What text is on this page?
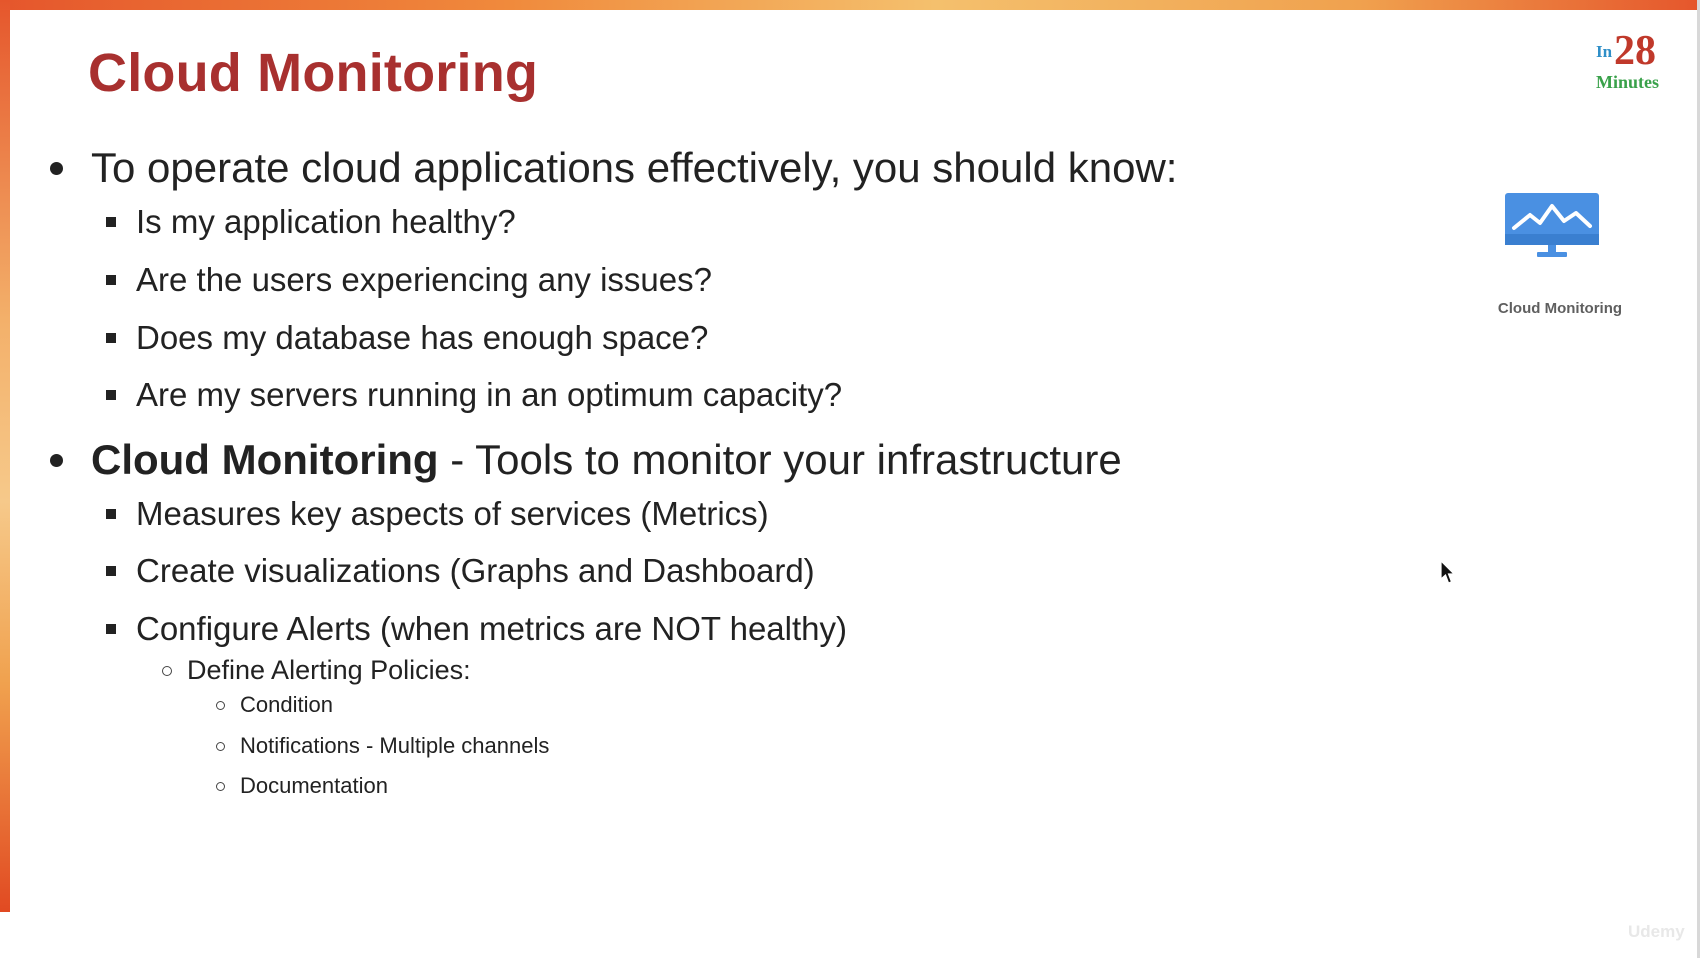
Cloud Monitoring	In 28
Minutes
To operate cloud applications effectively, you should know:
Is my application healthy?
Are the users experiencing any issues?
Does my database has enough space?
Are my servers running in an optimum capacity?
Cloud Monitoring - Tools to monitor your infrastructure
Measures key aspects of services (Metrics)
Create visualizations (Graphs and Dashboard)
Configure Alerts (when metrics are NOT healthy)
Define Alerting Policies:
Condition
Notifications - Multiple channels
Documentation
Cloud Monitoring
Udemy
